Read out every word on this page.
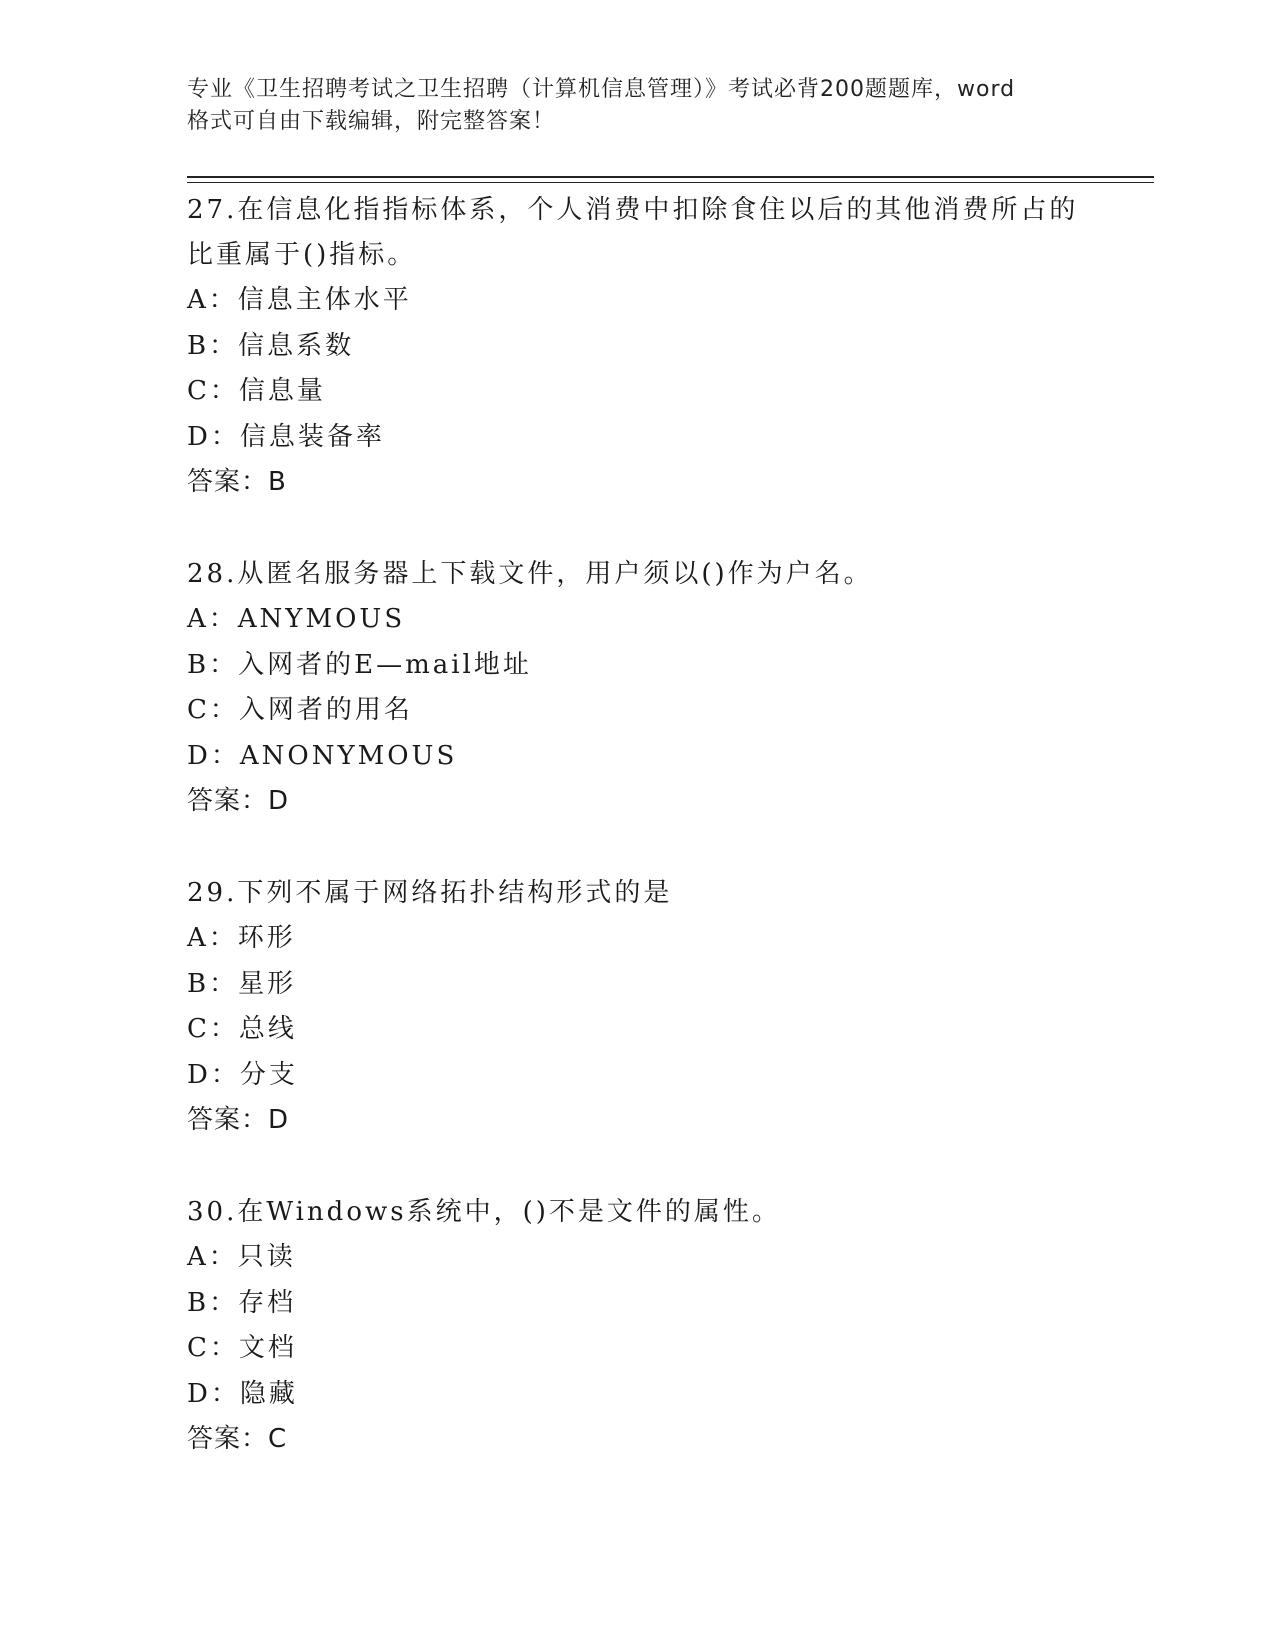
专业《卫生招聘考试之卫生招聘（计算机信息管理）》考试必背200题题库，word
格式可自由下载编辑，附完整答案！

27.在信息化指指标体系，个人消费中扣除食住以后的其他消费所占的

比重属于()指标。

A：信息主体水平

B：信息系数

C：信息量

D：信息装备率

答案：B

28.从匿名服务器上下载文件，用户须以()作为户名。

A：ANYMOUS

B：入网者的E—mail地址

C：入网者的用名

D：ANONYMOUS

答案：D

29.下列不属于网络拓扑结构形式的是

A：环形

B：星形

C：总线

D：分支

答案：D

30.在Windows系统中，()不是文件的属性。

A：只读

B：存档

C：文档

D：隐藏

答案：C
